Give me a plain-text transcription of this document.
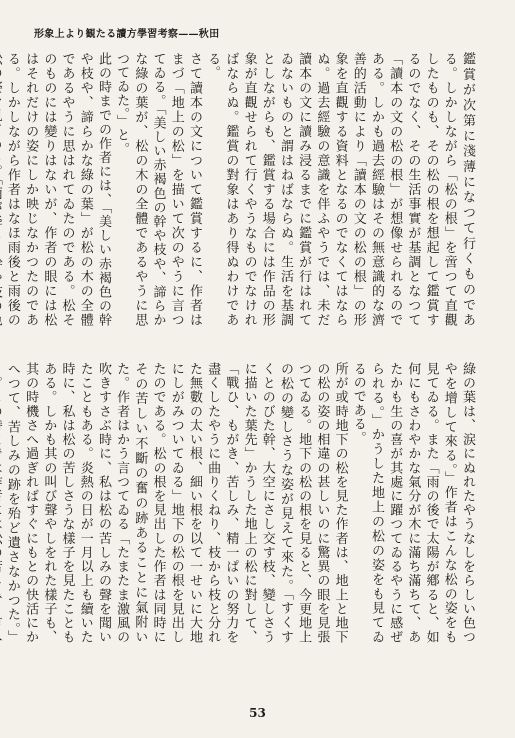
形象上より観たる讀方學習考察——秋田

鑑賞が次第に淺薄になつて行くものである。しかしながら「松の根」を啻つて直觀したものも、その松の根を想起して鑑賞するのでなく、その生活事實が基調となつて「讀本の文の松の根」が想像せられるのである。しかも過去經驗はその無意識的な濟善的活動により「讀本の文の松の根」の形象を直觀する資料となるのでなくてはならぬ。過去經驗の意識を伴ふやうでは、未だ讀本の文に讀み浸るまでに鑑賞が行はれてゐないものと謂はねばならぬ。生活を基調としながらも、鑑賞する場合には作品の形象が直觀せられて行くやうなものでなければならぬ。鑑賞の對象はあり得ぬわけである。

さて讀本の文について鑑賞するに、作者はまづ「地上の松」を描いて次のやうに言つてゐる。「美しい赤褐色の幹や枝や、諦らかな綠の葉が、松の木の全體であるやうに思つてゐた。」と。

此の時までの作者には、「美しい赤褐色の幹や枝や、諦らかな綠の葉」が松の木の全體であるやうに思はれてゐたのである。松そのものには變りはないが、作者の眼には松はそれだけの姿にしか映じなかつたのである。しかしながら作者はなほ雨後と雨後の

綠の葉は、涙にぬれたやうなしをらしい色つやを增して來る。」作者はこんな松の姿をも見てゐる。また「雨の後で太陽が鄕ると、如何にもさわやかな氣分が木に滿ち滿ちて、あたかも生の喜が其處に躍つてゐるやうに感ぜられる。」かうした地上の松の姿をも見てゐるのである。

所が或時地下の松を見た作者は、地上と地下の松の姿の相違の甚しいのに驚異の眼を見張つてゐる。地下の松の根を見ると、今更地上の松の變しさうな姿が見えて來た。「すくすくとのびた幹、大空にさし交す枝、變しさうに描いた葉先」かうした地上の松に對して、「戰ひ、もがき、苦しみ、精一ぱいの努力を盡くしたやうに曲りくねり、枝から枝と分れた無數の太い根、細い根を以て一せいに大地にしがみついてゐる」地下の松の根を見出したのである。松の根を見出した作者は同時にその苦しい不斷の奮の跡あることに氣附いた。作者はかう言つてゐる「たまたま激風の吹きすさぶ時に、私は松の苦しみの聲を聞いたこともある。炎熱の日が一月以上も續いた時に、私は松の苦しさうな樣子を見たこともある。しかも其の叫び聲やしをれた樣子も、其の時機さへ過ぎればすぐにもとの快活にかへつて、苦しみの跡を殆ど遺さなかつた。」

53
